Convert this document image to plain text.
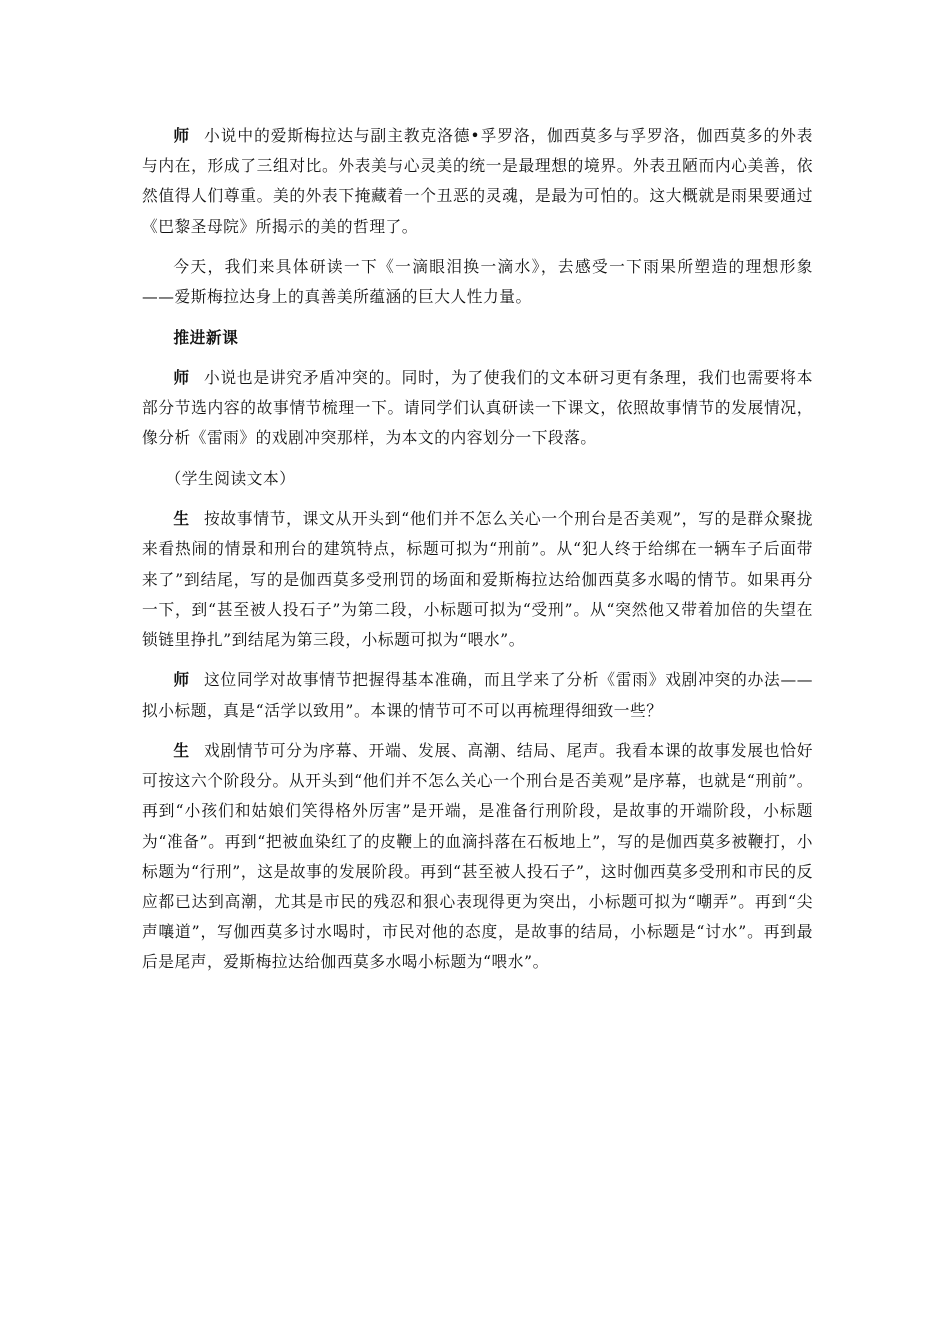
师 小说中的爱斯梅拉达与副主教克洛德•孚罗洛，伽西莫多与孚罗洛，伽西莫多的外表与内在，形成了三组对比。外表美与心灵美的统一是最理想的境界。外表丑陋而内心美善，依然值得人们尊重。美的外表下掩藏着一个丑恶的灵魂，是最为可怕的。这大概就是雨果要通过《巴黎圣母院》所揭示的美的哲理了。

今天，我们来具体研读一下《一滴眼泪换一滴水》，去感受一下雨果所塑造的理想形象——爱斯梅拉达身上的真善美所蕴涵的巨大人性力量。

推进新课

师 小说也是讲究矛盾冲突的。同时，为了使我们的文本研习更有条理，我们也需要将本部分节选内容的故事情节梳理一下。请同学们认真研读一下课文，依照故事情节的发展情况，像分析《雷雨》的戏剧冲突那样，为本文的内容划分一下段落。

（学生阅读文本）

生 按故事情节，课文从开头到“他们并不怎么关心一个刑台是否美观”，写的是群众聚拢来看热闹的情景和刑台的建筑特点，标题可拟为“刑前”。从“犯人终于给绑在一辆车子后面带来了”到结尾，写的是伽西莫多受刑罚的场面和爱斯梅拉达给伽西莫多水喝的情节。如果再分一下，到“甚至被人投石子”为第二段，小标题可拟为“受刑”。从“突然他又带着加倍的失望在锁链里挣扎”到结尾为第三段，小标题可拟为“喂水”。

师 这位同学对故事情节把握得基本准确，而且学来了分析《雷雨》戏剧冲突的办法——拟小标题，真是“活学以致用”。本课的情节可不可以再梳理得细致一些？

生 戏剧情节可分为序幕、开端、发展、高潮、结局、尾声。我看本课的故事发展也恰好可按这六个阶段分。从开头到“他们并不怎么关心一个刑台是否美观”是序幕，也就是“刑前”。再到“小孩们和姑娘们笑得格外厉害”是开端，是准备行刑阶段，是故事的开端阶段，小标题为“准备”。再到“把被血染红了的皮鞭上的血滴抖落在石板地上”，写的是伽西莫多被鞭打，小标题为“行刑”，这是故事的发展阶段。再到“甚至被人投石子”，这时伽西莫多受刑和市民的反应都已达到高潮，尤其是市民的残忍和狠心表现得更为突出，小标题可拟为“嘲弄”。再到“尖声嚷道”，写伽西莫多讨水喝时，市民对他的态度，是故事的结局，小标题是“讨水”。再到最后是尾声，爱斯梅拉达给伽西莫多水喝小标题为“喂水”。
